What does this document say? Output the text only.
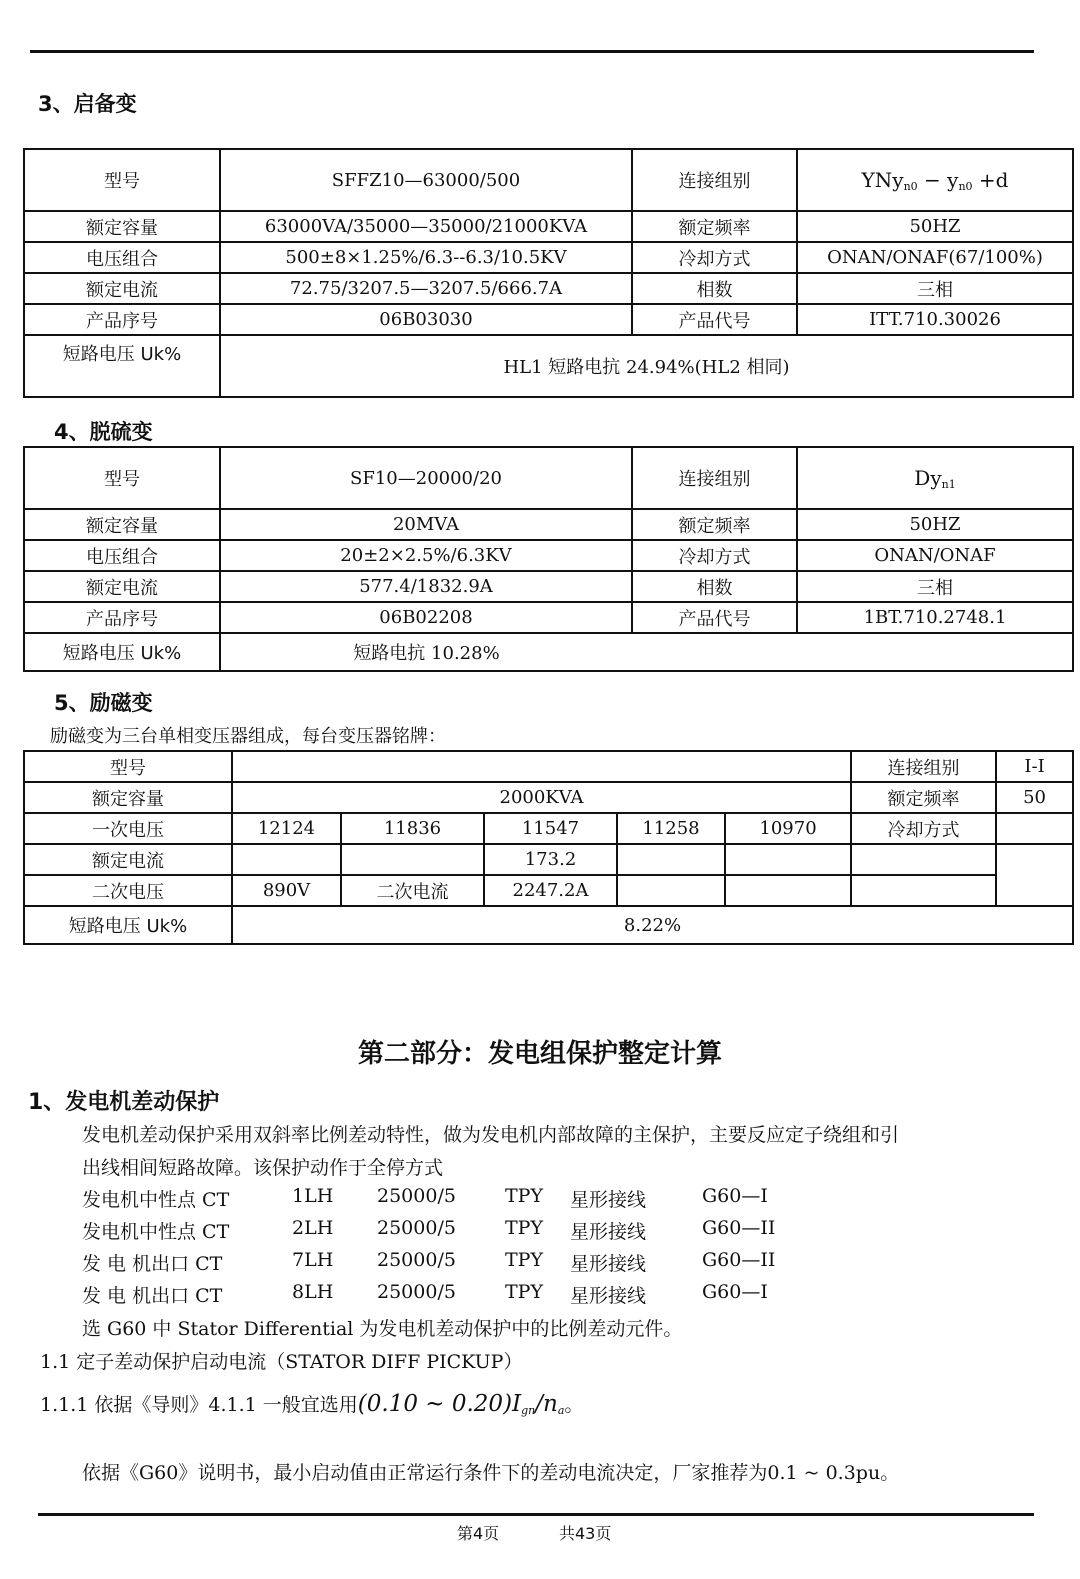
3、启备变
型号	SFFZ10—63000/500	连接组别	$YNy_{n0} - y_{n0} +d$
额定容量	63000VA/35000—35000/21000KVA	额定频率	50HZ
电压组合	500±8×1.25%/6.3--6.3/10.5KV	冷却方式	ONAN/ONAF(67/100%)
额定电流	72.75/3207.5—3207.5/666.7A	相数	三相
产品序号	06B03030	产品代号	ITT.710.30026
短路电压 Uk%	HL1 短路电抗 24.94%(HL2 相同)		
4、脱硫变
型号	SF10—20000/20	连接组别	$Dy_{n1}$
额定容量	20MVA	额定频率	50HZ
电压组合	20±2×2.5%/6.3KV	冷却方式	ONAN/ONAF
额定电流	577.4/1832.9A	相数	三相
产品序号	06B02208	产品代号	1BT.710.2748.1
短路电压 Uk%	短路电抗 10.28%		
5、励磁变
励磁变为三台单相变压器组成，每台变压器铭牌：
型号						连接组别	I-I
额定容量	2000KVA					额定频率	50
一次电压	12124	11836	11547	11258	10970	冷却方式	
额定电流			173.2				
二次电压	890V	二次电流	2247.2A				
短路电压 Uk%	8.22%						
第二部分：发电组保护整定计算
1、发电机差动保护
发电机差动保护采用双斜率比例差动特性，做为发电机内部故障的主保护，主要反应定子绕组和引
出线相间短路故障。该保护动作于全停方式
发电机中性点 CT	1LH 25000/5	TPY 星形接线	G60—I
发电机中性点 CT	2LH 25000/5	TPY 星形接线	G60—II
发 电 机出口 CT	7LH 25000/5	TPY 星形接线	G60—II
发 电 机出口 CT	8LH 25000/5	TPY 星形接线	G60—I
选 G60 中 Stator Differential 为发电机差动保护中的比例差动元件。
1.1 定子差动保护启动电流（STATOR DIFF PICKUP）
1.1.1 依据《导则》4.1.1 一般宜选用(0.10 ~ $0.20)I_{gn}/n_a$。
依据《G60》说明书，最小启动值由正常运行条件下的差动电流决定，厂家推荐为0.1 ~ 0.3pu。
第4页	共43页
